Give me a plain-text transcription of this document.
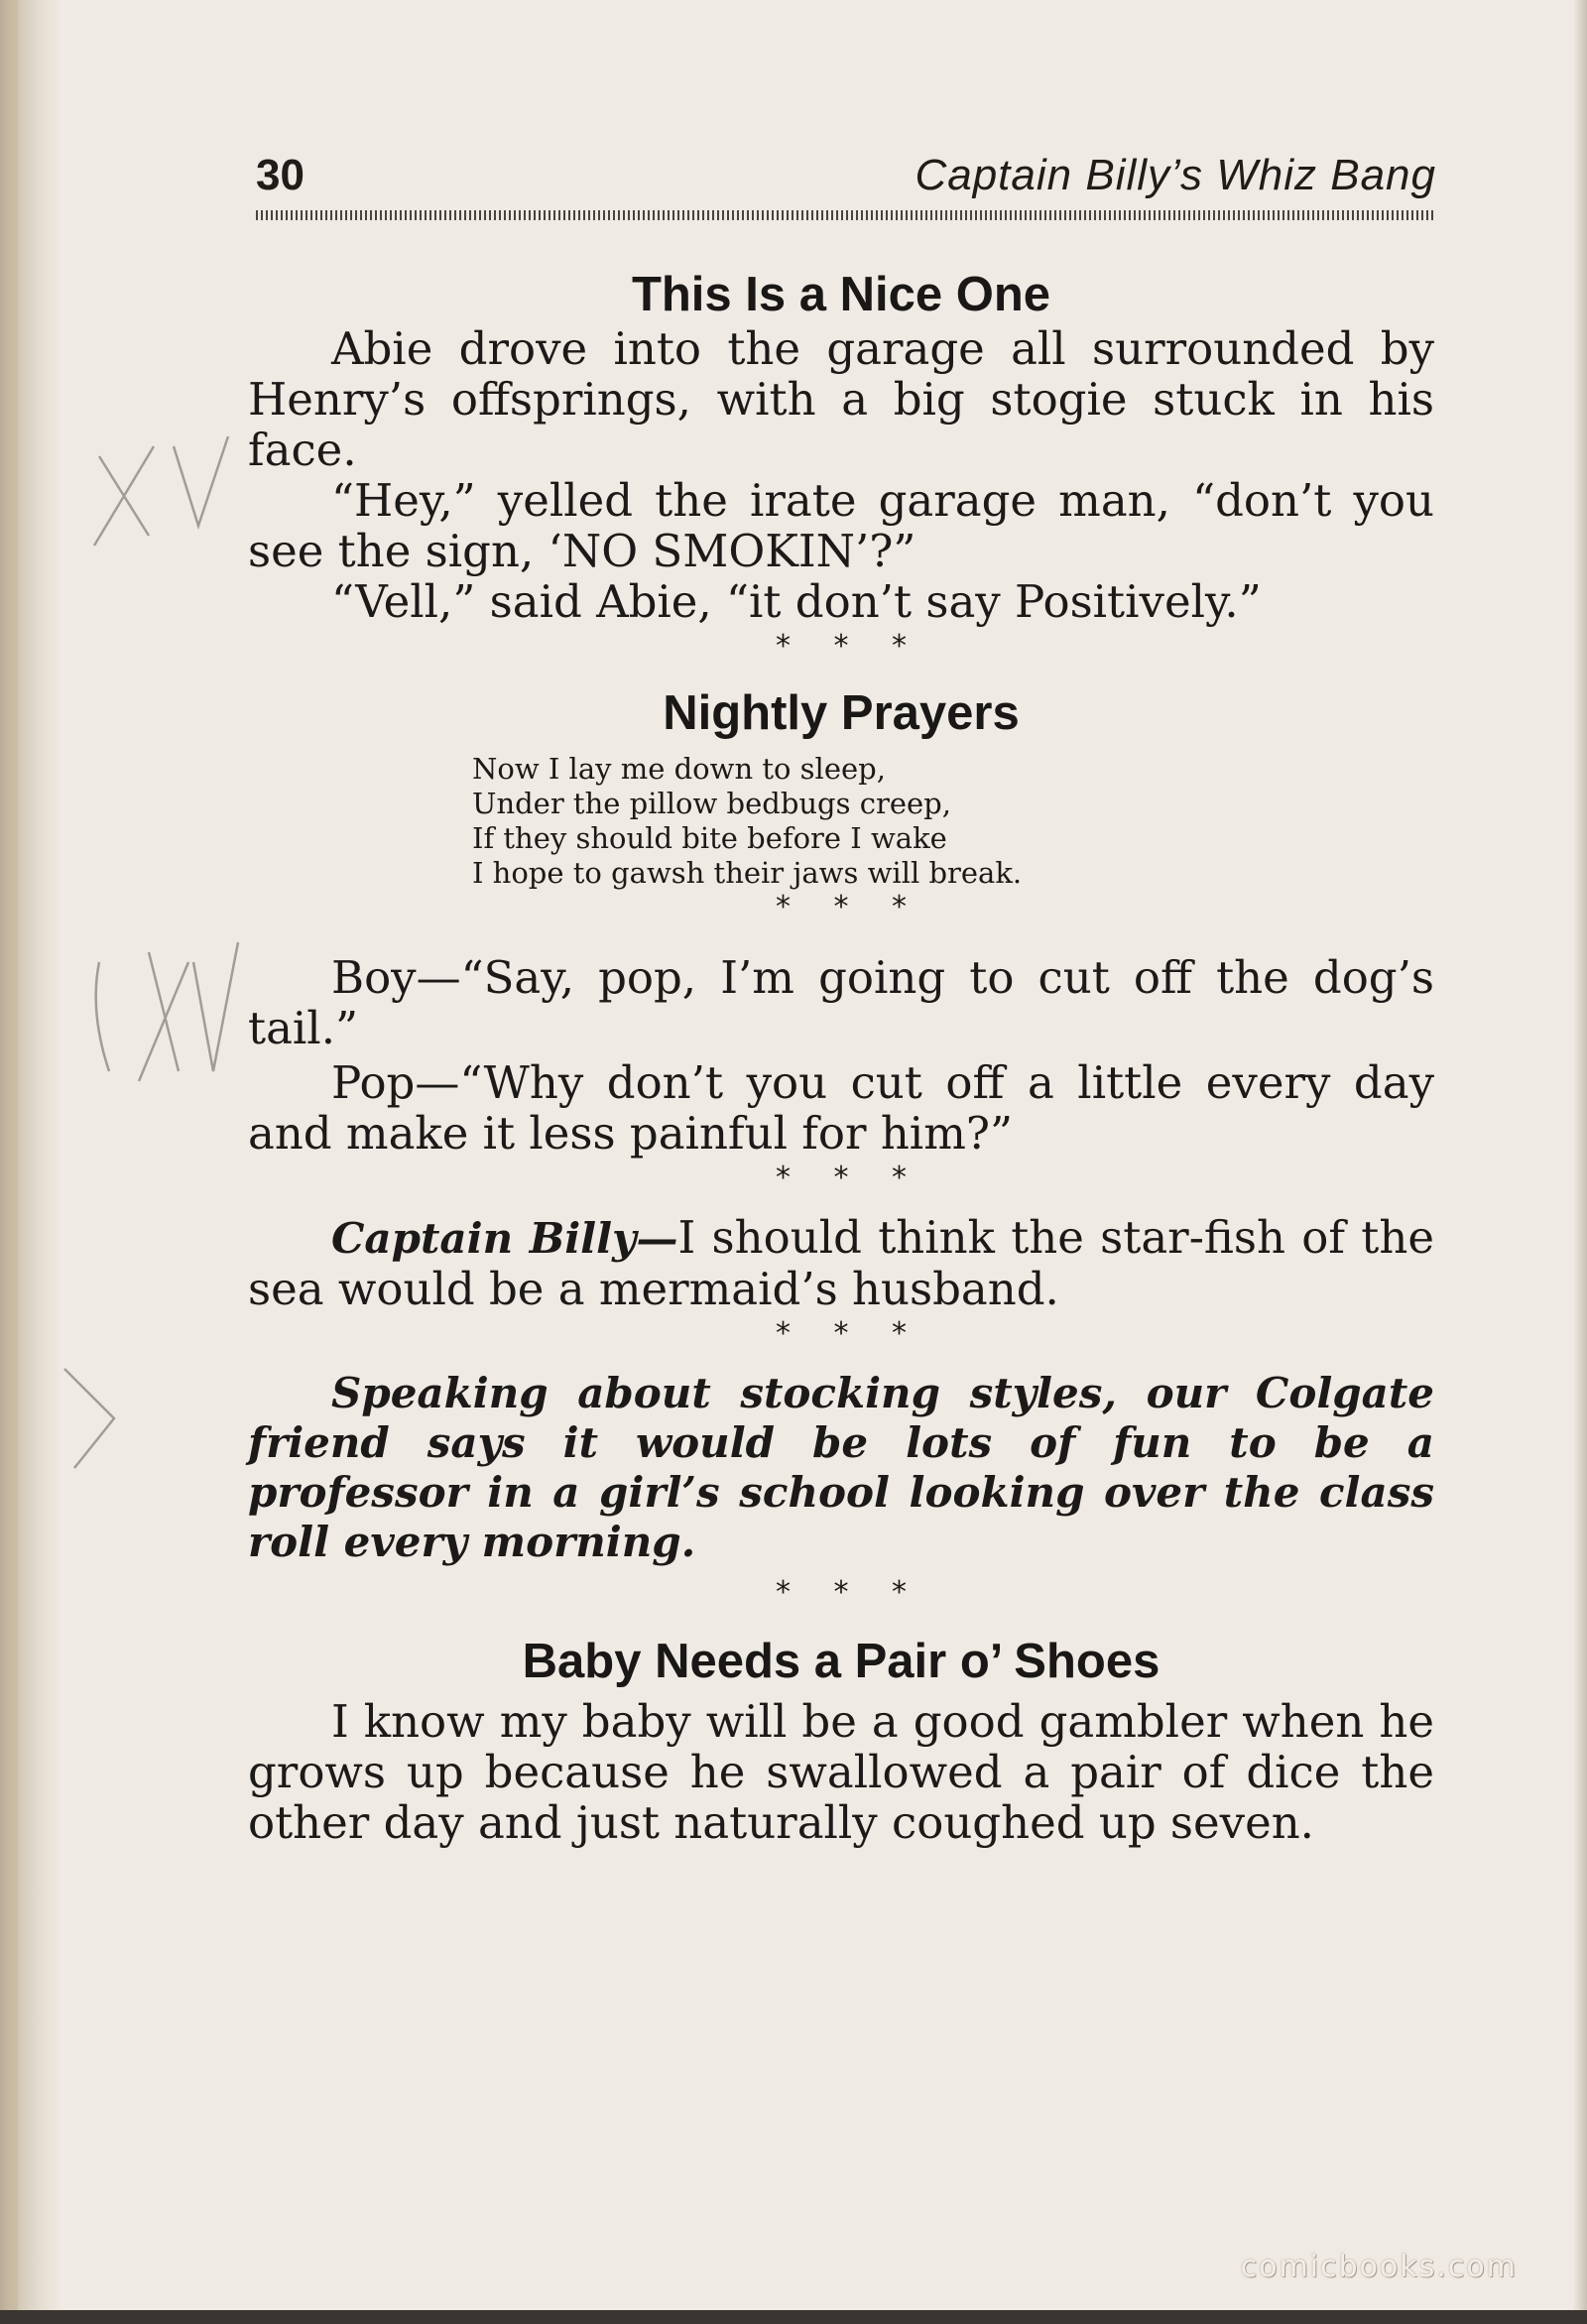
30	Captain Billy’s Whiz Bang
This Is a Nice One

Abie drove into the garage all surrounded by Henry’s offsprings, with a big stogie stuck in his face.

“Hey,” yelled the irate garage man, “don’t you see the sign, ‘NO SMOKIN’?”

“Vell,” said Abie, “it don’t say Positively.”

* * *
Nightly Prayers
Now I lay me down to sleep,
Under the pillow bedbugs creep,
If they should bite before I wake
I hope to gawsh their jaws will break.
* * *

Boy—“Say, pop, I’m going to cut off the dog’s tail.”

Pop—“Why don’t you cut off a little every day and make it less painful for him?”

* * *

Captain Billy—I should think the star-fish of the sea would be a mermaid’s husband.

* * *

Speaking about stocking styles, our Colgate friend says it would be lots of fun to be a professor in a girl’s school looking over the class roll every morning.

* * *
Baby Needs a Pair o’ Shoes

I know my baby will be a good gambler when he grows up because he swallowed a pair of dice the other day and just naturally coughed up seven.

comicbooks.com
